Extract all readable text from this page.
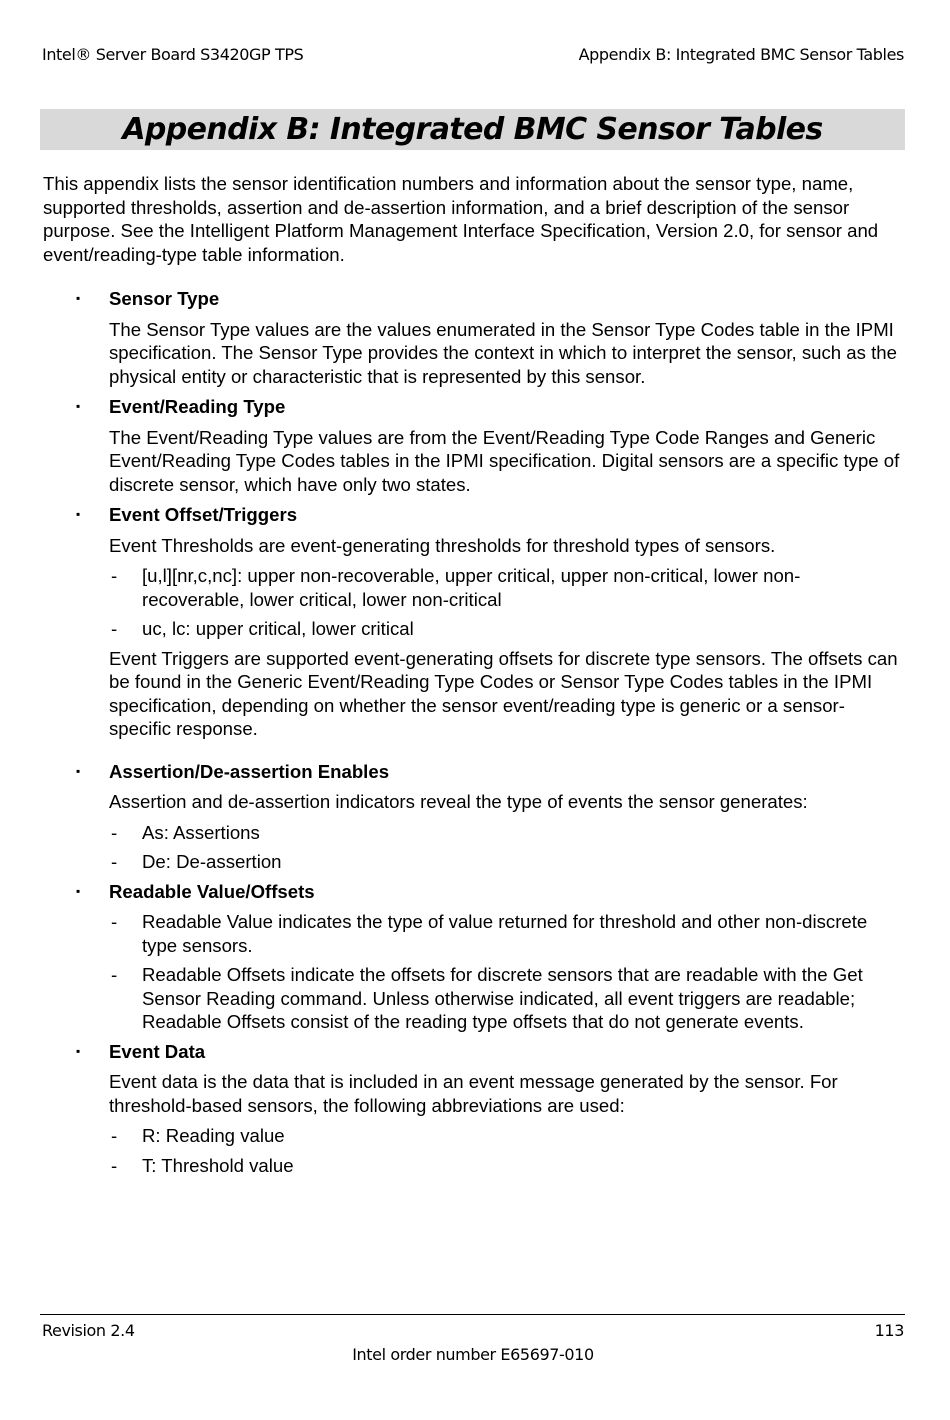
Intel® Server Board S3420GP TPS	Appendix B: Integrated BMC Sensor Tables
Appendix B: Integrated BMC Sensor Tables

This appendix lists the sensor identification numbers and information about the sensor type, name, supported thresholds, assertion and de-assertion information, and a brief description of the sensor purpose. See the Intelligent Platform Management Interface Specification, Version 2.0, for sensor and event/reading-type table information.

▪ Sensor Type

The Sensor Type values are the values enumerated in the Sensor Type Codes table in the IPMI specification. The Sensor Type provides the context in which to interpret the sensor, such as the physical entity or characteristic that is represented by this sensor.

▪ Event/Reading Type

The Event/Reading Type values are from the Event/Reading Type Code Ranges and Generic Event/Reading Type Codes tables in the IPMI specification. Digital sensors are a specific type of discrete sensor, which have only two states.

▪ Event Offset/Triggers

Event Thresholds are event-generating thresholds for threshold types of sensors.

- [u,l][nr,c,nc]: upper non-recoverable, upper critical, upper non-critical, lower non-recoverable, lower critical, lower non-critical

- uc, lc: upper critical, lower critical

Event Triggers are supported event-generating offsets for discrete type sensors. The offsets can be found in the Generic Event/Reading Type Codes or Sensor Type Codes tables in the IPMI specification, depending on whether the sensor event/reading type is generic or a sensor-specific response.

▪ Assertion/De-assertion Enables

Assertion and de-assertion indicators reveal the type of events the sensor generates:

- As: Assertions

- De: De-assertion

▪ Readable Value/Offsets

- Readable Value indicates the type of value returned for threshold and other non-discrete type sensors.

- Readable Offsets indicate the offsets for discrete sensors that are readable with the Get Sensor Reading command. Unless otherwise indicated, all event triggers are readable; Readable Offsets consist of the reading type offsets that do not generate events.

▪ Event Data

Event data is the data that is included in an event message generated by the sensor. For threshold-based sensors, the following abbreviations are used:

- R: Reading value

- T: Threshold value

Revision 2.4	113
Intel order number E65697-010
